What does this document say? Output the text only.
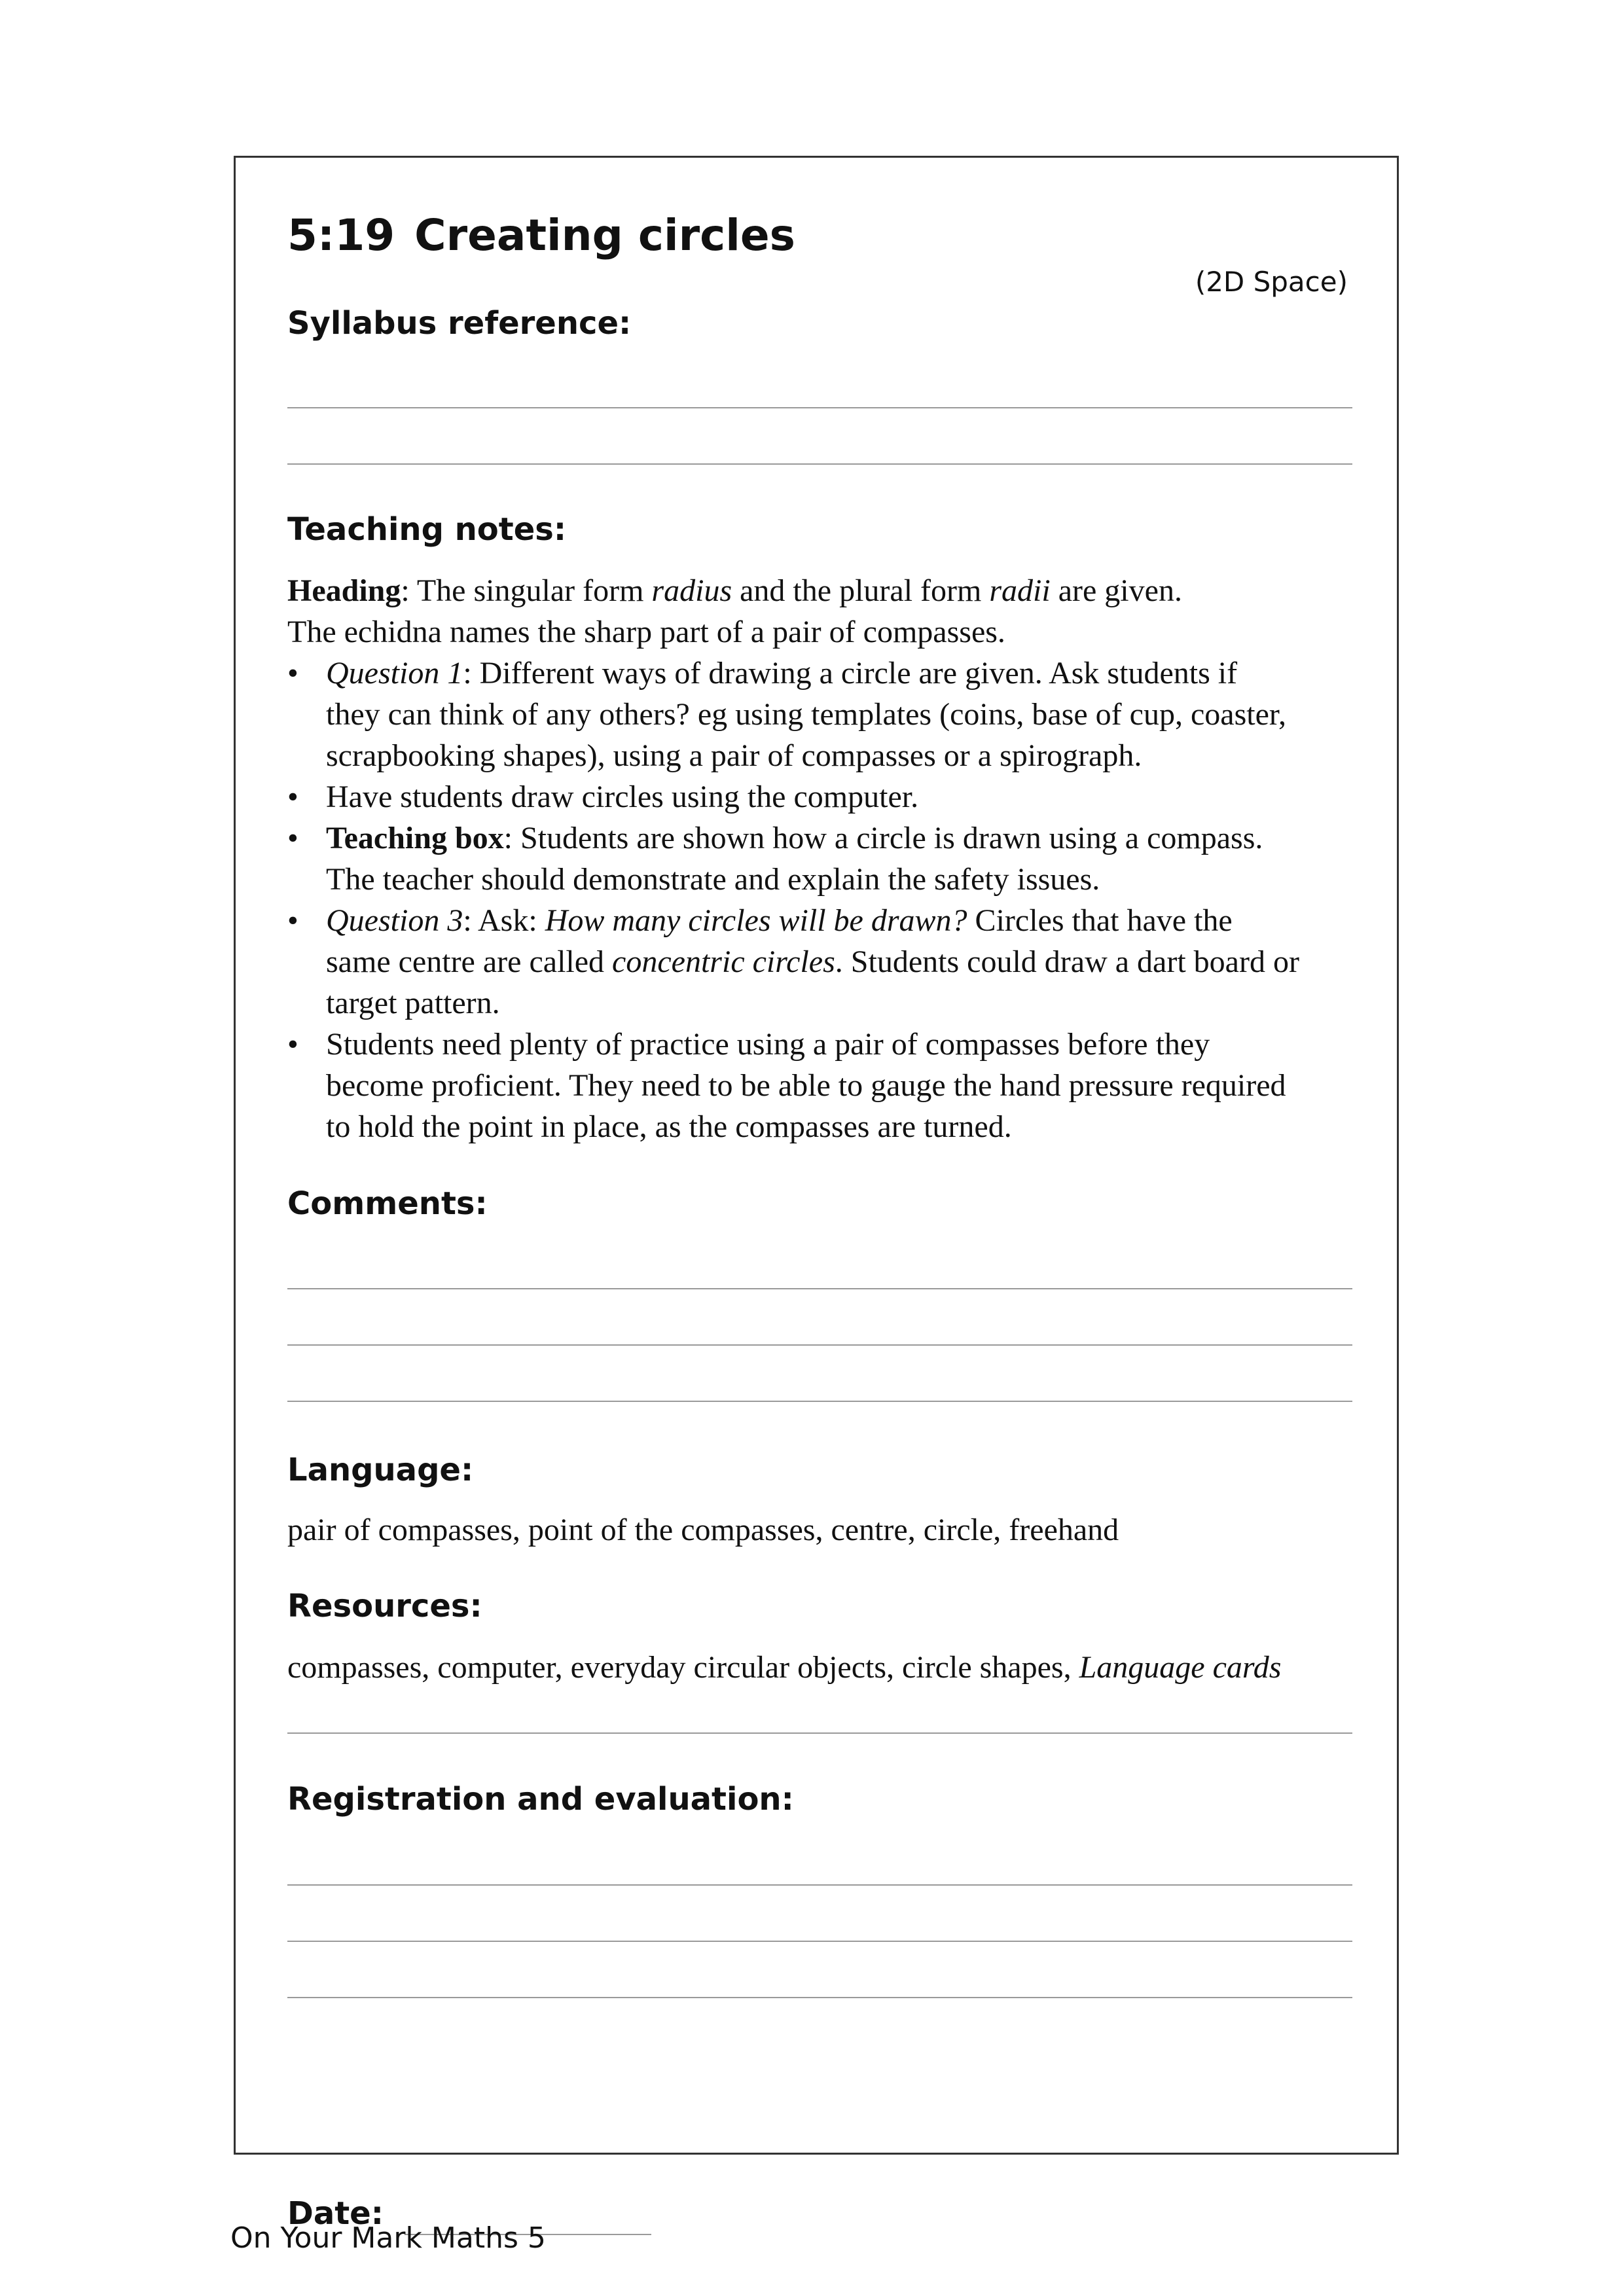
5:19 Creating circles
(2D Space)
Syllabus reference:
Teaching notes:

Heading: The singular form radius and the plural form radii are given.

The echidna names the sharp part of a pair of compasses.

• Question 1: Different ways of drawing a circle are given. Ask students if
they can think of any others? eg using templates (coins, base of cup, coaster,
scrapbooking shapes), using a pair of compasses or a spirograph.
• Have students draw circles using the computer.
• Teaching box: Students are shown how a circle is drawn using a compass.
The teacher should demonstrate and explain the safety issues.
• Question 3: Ask: How many circles will be drawn? Circles that have the
same centre are called concentric circles. Students could draw a dart board or
target pattern.
• Students need plenty of practice using a pair of compasses before they
become proficient. They need to be able to gauge the hand pressure required
to hold the point in place, as the compasses are turned.
Comments:
Language:

pair of compasses, point of the compasses, centre, circle, freehand

Resources:

compasses, computer, everyday circular objects, circle shapes, Language cards

Registration and evaluation:
Date:
On Your Mark Maths 5
